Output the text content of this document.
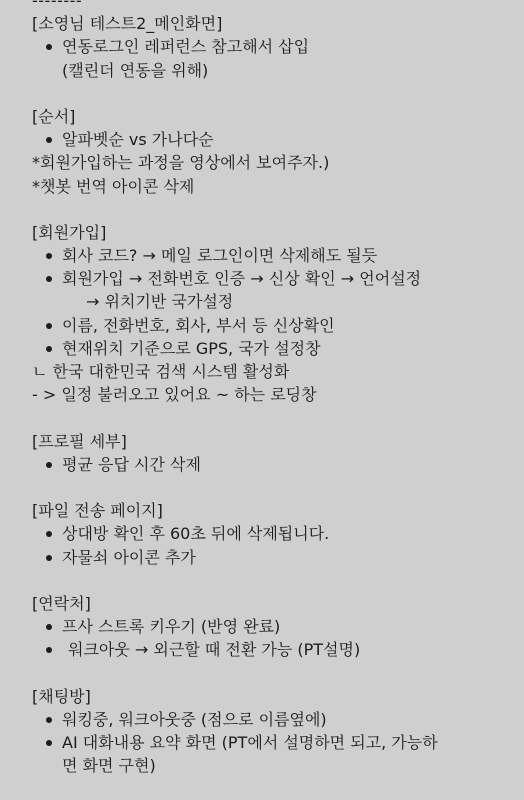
--------
[소영님 테스트2_메인화면]
연동로그인 레퍼런스 참고해서 삽입
(캘린더 연동을 위해)
[순서]
알파벳순 vs 가나다순
*회원가입하는 과정을 영상에서 보여주자.)
*챗봇 번역 아이콘 삭제
[회원가입]
회사 코드? → 메일 로그인이면 삭제해도 될듯
회원가입 → 전화번호 인증 → 신상 확인 → 언어설정
→ 위치기반 국가설정
이름, 전화번호, 회사, 부서 등 신상확인
현재위치 기준으로 GPS, 국가 설정창
ㄴ 한국 대한민국 검색 시스템 활성화
- > 일정 불러오고 있어요 ~ 하는 로딩창
[프로필 세부]
평균 응답 시간 삭제
[파일 전송 페이지]
상대방 확인 후 60초 뒤에 삭제됩니다.
자물쇠 아이콘 추가
[연락처]
프사 스트록 키우기 (반영 완료)
워크아웃 → 외근할 때 전환 가능 (PT설명)
[채팅방]
워킹중, 워크아웃중 (점으로 이름옆에)
AI 대화내용 요약 화면 (PT에서 설명하면 되고, 가능하
면 화면 구현)
